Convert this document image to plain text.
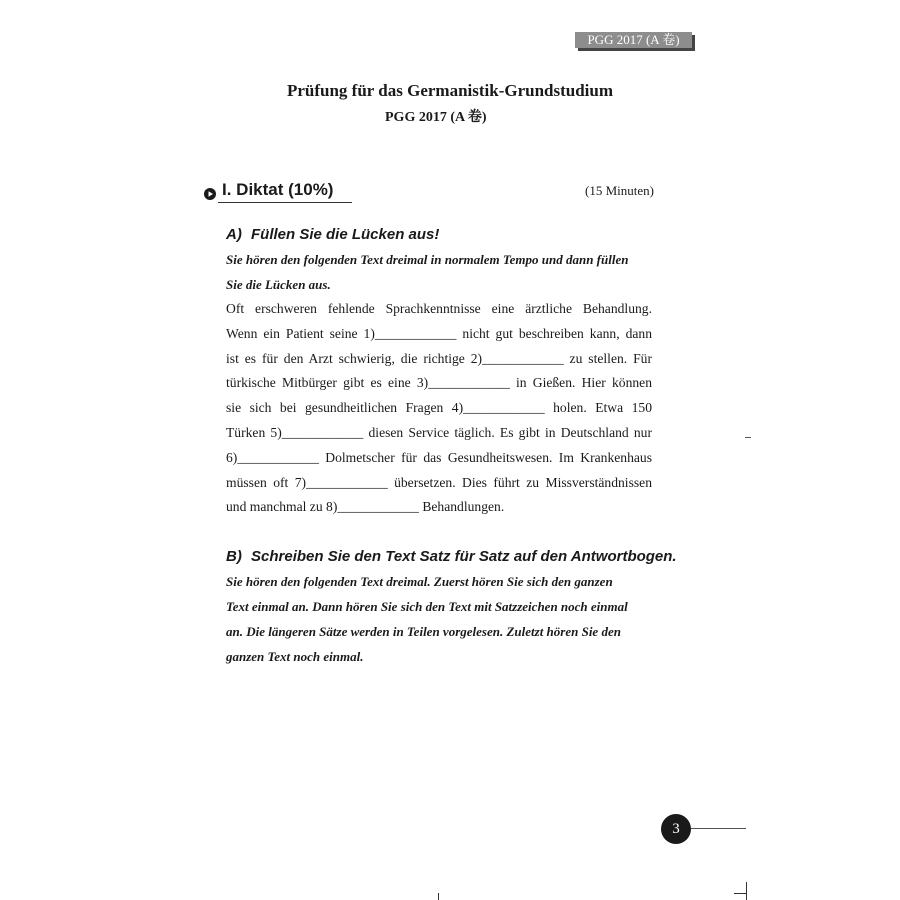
PGG 2017 (A 卷)
Prüfung für das Germanistik-Grundstudium
PGG 2017 (A 卷)
I. Diktat (10%)	(15 Minuten)
A) Füllen Sie die Lücken aus!
Sie hören den folgenden Text dreimal in normalem Tempo und dann füllen
Sie die Lücken aus.
Oft erschweren fehlende Sprachkenntnisse eine ärztliche Behandlung.
Wenn ein Patient seine 1)____________ nicht gut beschreiben kann, dann
ist es für den Arzt schwierig, die richtige 2)____________ zu stellen. Für
türkische Mitbürger gibt es eine 3)____________ in Gießen. Hier können
sie sich bei gesundheitlichen Fragen 4)____________ holen. Etwa 150
Türken 5)____________ diesen Service täglich. Es gibt in Deutschland nur
6)____________ Dolmetscher für das Gesundheitswesen. Im Krankenhaus
müssen oft 7)____________ übersetzen. Dies führt zu Missverständnissen
und manchmal zu 8)____________ Behandlungen.
B) Schreiben Sie den Text Satz für Satz auf den Antwortbogen.
Sie hören den folgenden Text dreimal. Zuerst hören Sie sich den ganzen
Text einmal an. Dann hören Sie sich den Text mit Satzzeichen noch einmal
an. Die längeren Sätze werden in Teilen vorgelesen. Zuletzt hören Sie den
ganzen Text noch einmal.
3
